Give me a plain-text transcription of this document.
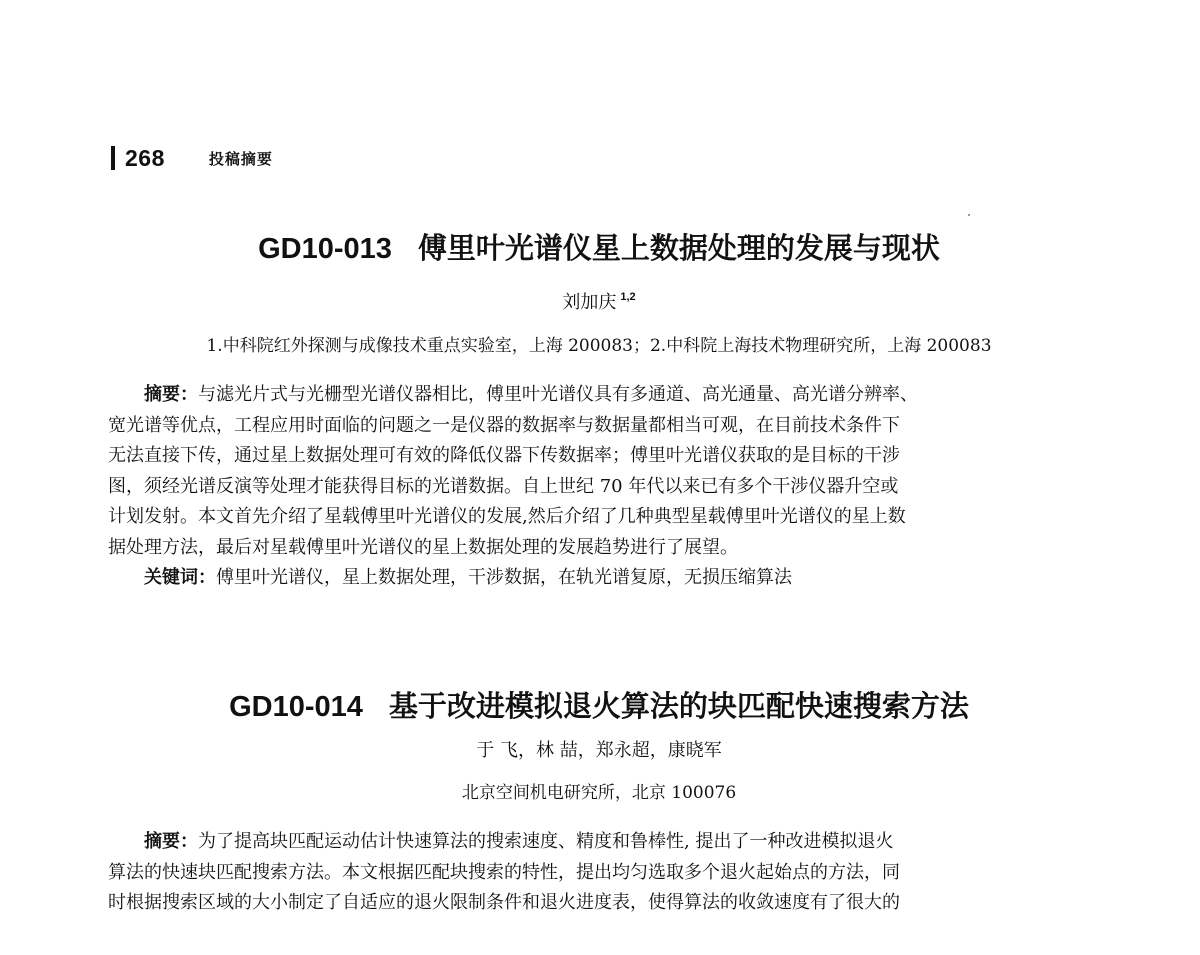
268	投稿摘要
GD10-013 傅里叶光谱仪星上数据处理的发展与现状
刘加庆 $^{1,2}$
1.中科院红外探测与成像技术重点实验室，上海 200083；2.中科院上海技术物理研究所，上海 200083

摘要：与滤光片式与光栅型光谱仪器相比，傅里叶光谱仪具有多通道、高光通量、高光谱分辨率、

宽光谱等优点，工程应用时面临的问题之一是仪器的数据率与数据量都相当可观，在目前技术条件下
无法直接下传，通过星上数据处理可有效的降低仪器下传数据率；傅里叶光谱仪获取的是目标的干涉
图，须经光谱反演等处理才能获得目标的光谱数据。自上世纪 70 年代以来已有多个干涉仪器升空或
计划发射。本文首先介绍了星载傅里叶光谱仪的发展,然后介绍了几种典型星载傅里叶光谱仪的星上数
据处理方法，最后对星载傅里叶光谱仪的星上数据处理的发展趋势进行了展望。

关键词：傅里叶光谱仪，星上数据处理，干涉数据，在轨光谱复原，无损压缩算法

GD10-014 基于改进模拟退火算法的块匹配快速搜索方法
于 飞，林 喆，郑永超，康晓军
北京空间机电研究所，北京 100076

摘要：为了提高块匹配运动估计快速算法的搜索速度、精度和鲁棒性, 提出了一种改进模拟退火

算法的快速块匹配搜索方法。本文根据匹配块搜索的特性，提出均匀选取多个退火起始点的方法，同
时根据搜索区域的大小制定了自适应的退火限制条件和退火进度表，使得算法的收敛速度有了很大的
